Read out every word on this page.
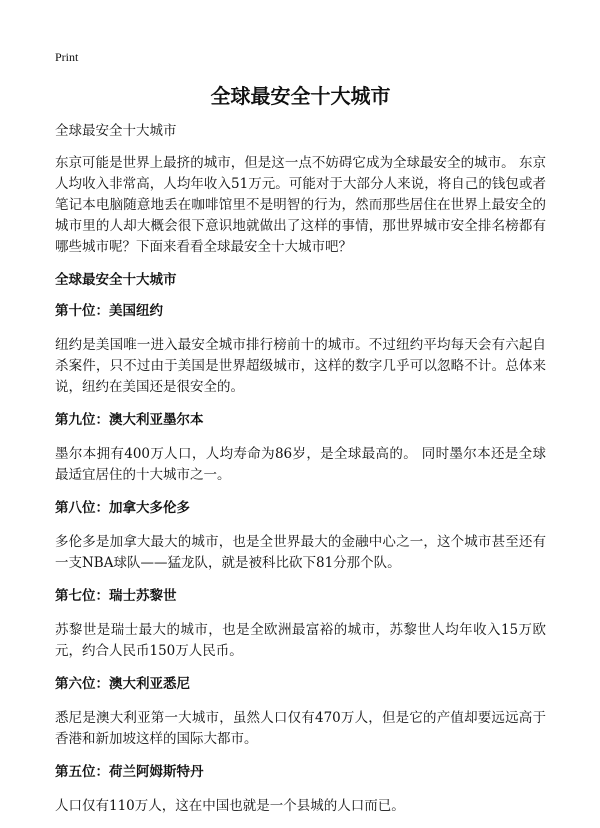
Print
全球最安全十大城市
全球最安全十大城市

东京可能是世界上最挤的城市，但是这一点不妨碍它成为全球最安全的城市。 东京人均收入非常高，人均年收入51万元。可能对于大部分人来说，将自己的钱包或者笔记本电脑随意地丢在咖啡馆里不是明智的行为，然而那些居住在世界上最安全的城市里的人却大概会很下意识地就做出了这样的事情，那世界城市安全排名榜都有哪些城市呢？下面来看看全球最安全十大城市吧？

全球最安全十大城市
第十位：美国纽约

纽约是美国唯一进入最安全城市排行榜前十的城市。不过纽约平均每天会有六起自杀案件，只不过由于美国是世界超级城市，这样的数字几乎可以忽略不计。总体来说，纽约在美国还是很安全的。

第九位：澳大利亚墨尔本

墨尔本拥有400万人口，人均寿命为86岁，是全球最高的。 同时墨尔本还是全球最适宜居住的十大城市之一。

第八位：加拿大多伦多

多伦多是加拿大最大的城市，也是全世界最大的金融中心之一，这个城市甚至还有一支NBA球队——猛龙队，就是被科比砍下81分那个队。

第七位：瑞士苏黎世

苏黎世是瑞士最大的城市，也是全欧洲最富裕的城市，苏黎世人均年收入15万欧元，约合人民币150万人民币。

第六位：澳大利亚悉尼

悉尼是澳大利亚第一大城市，虽然人口仅有470万人，但是它的产值却要远远高于香港和新加坡这样的国际大都市。

第五位：荷兰阿姆斯特丹

人口仅有110万人，这在中国也就是一个县城的人口而已。
